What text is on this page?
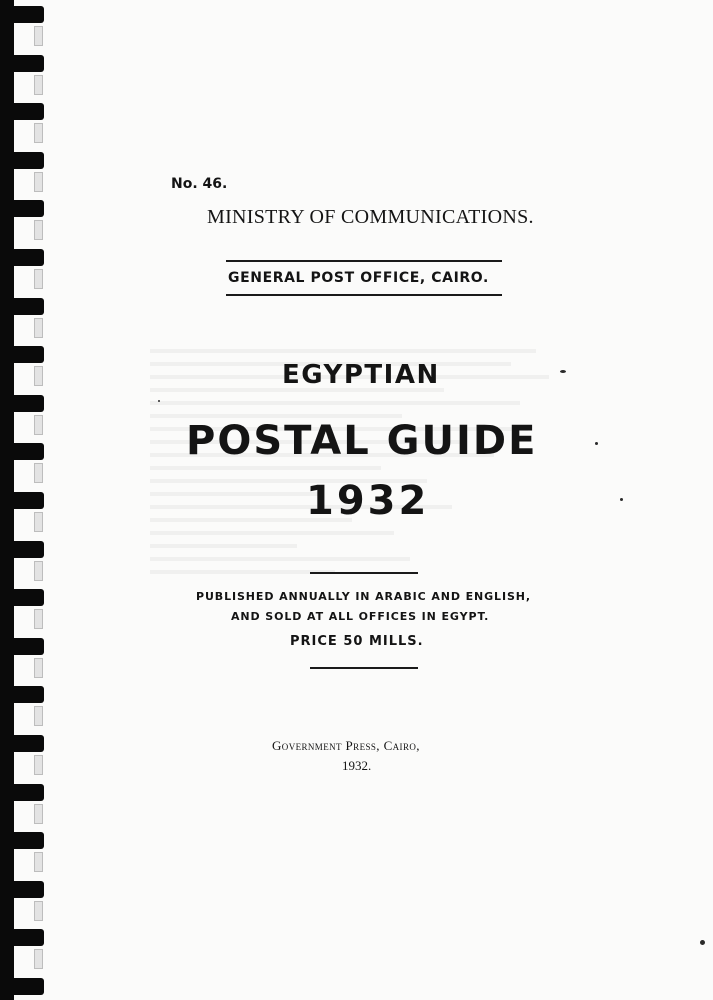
No. 46.
MINISTRY OF COMMUNICATIONS.
GENERAL POST OFFICE, CAIRO.
EGYPTIAN
POSTAL GUIDE
1932
PUBLISHED ANNUALLY IN ARABIC AND ENGLISH,
AND SOLD AT ALL OFFICES IN EGYPT.
PRICE 50 MILLS.
Government Press, Cairo,
1932.
